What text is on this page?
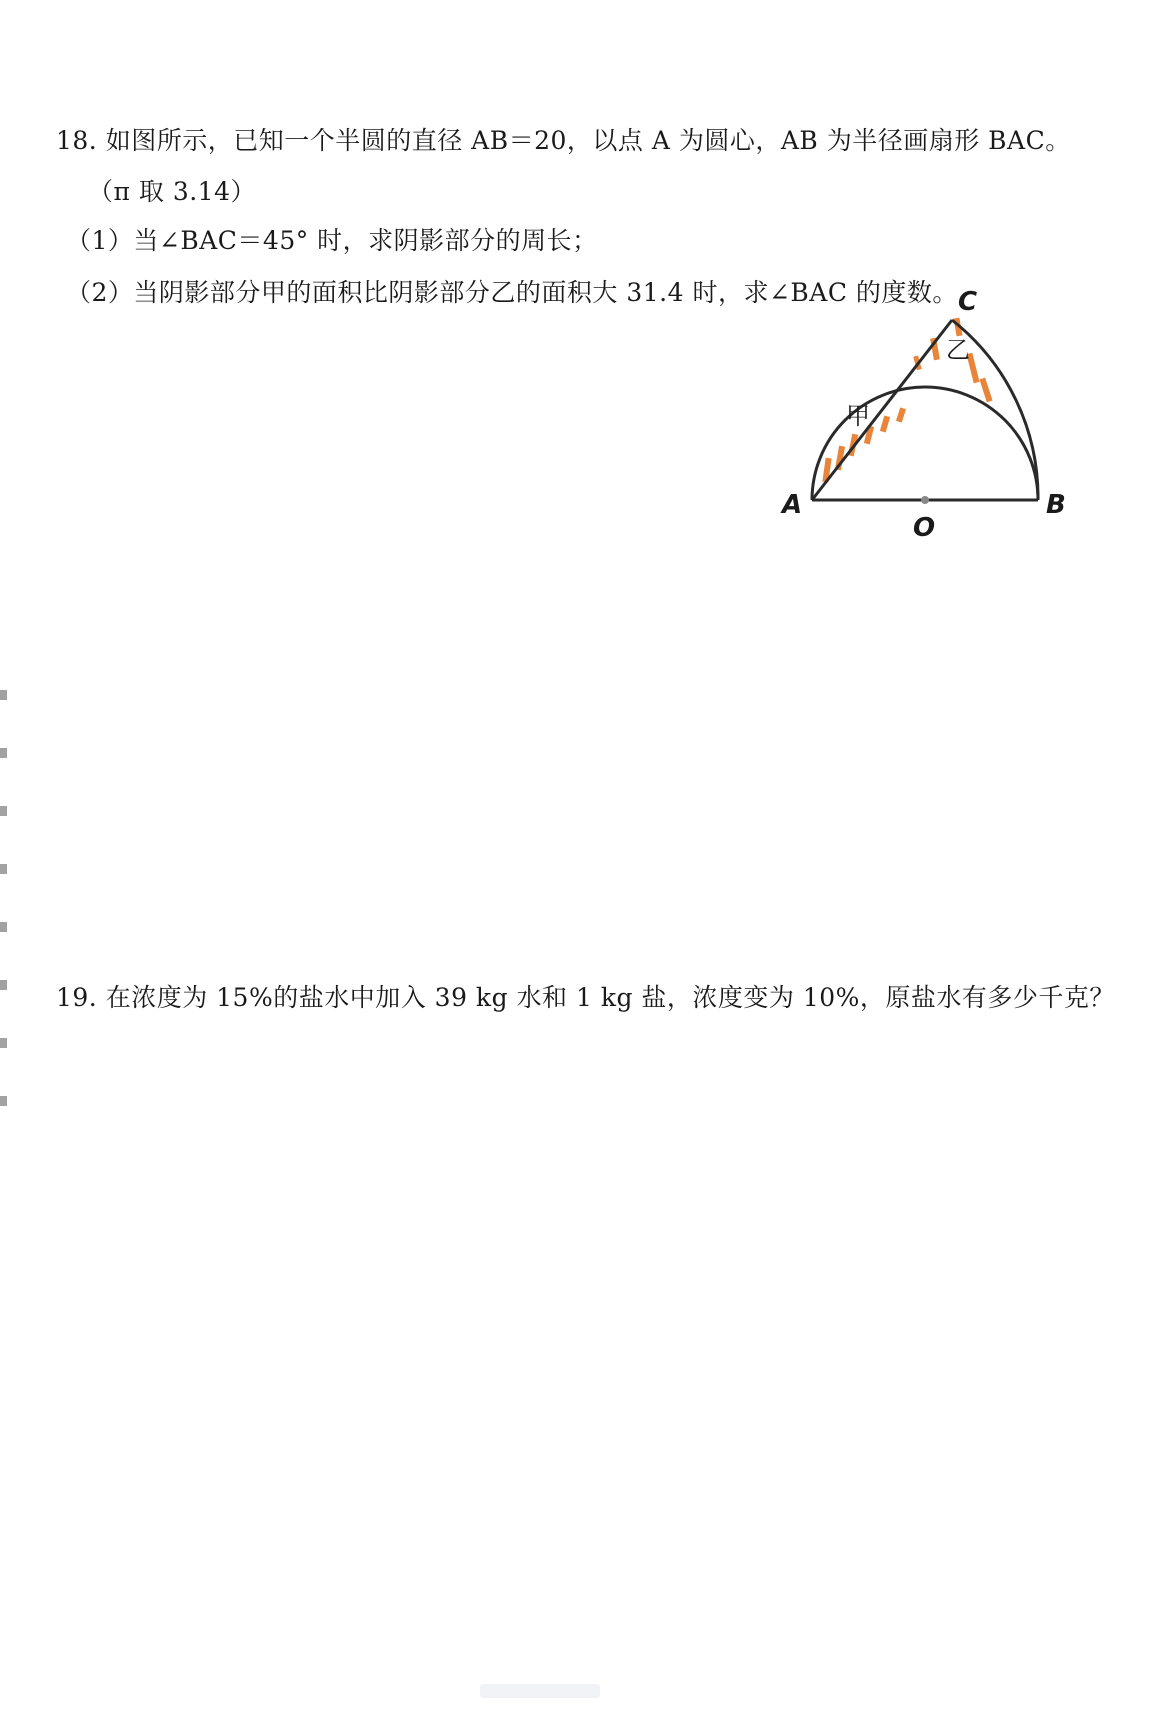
18. 如图所示，已知一个半圆的直径 AB＝20，以点 A 为圆心，AB 为半径画扇形 BAC。
（π 取 3.14）
（1）当∠BAC＝45° 时，求阴影部分的周长；
（2）当阴影部分甲的面积比阴影部分乙的面积大 31.4 时，求∠BAC 的度数。
A	B
C
O
甲
乙
19. 在浓度为 15%的盐水中加入 39 kg 水和 1 kg 盐，浓度变为 10%，原盐水有多少千克？
